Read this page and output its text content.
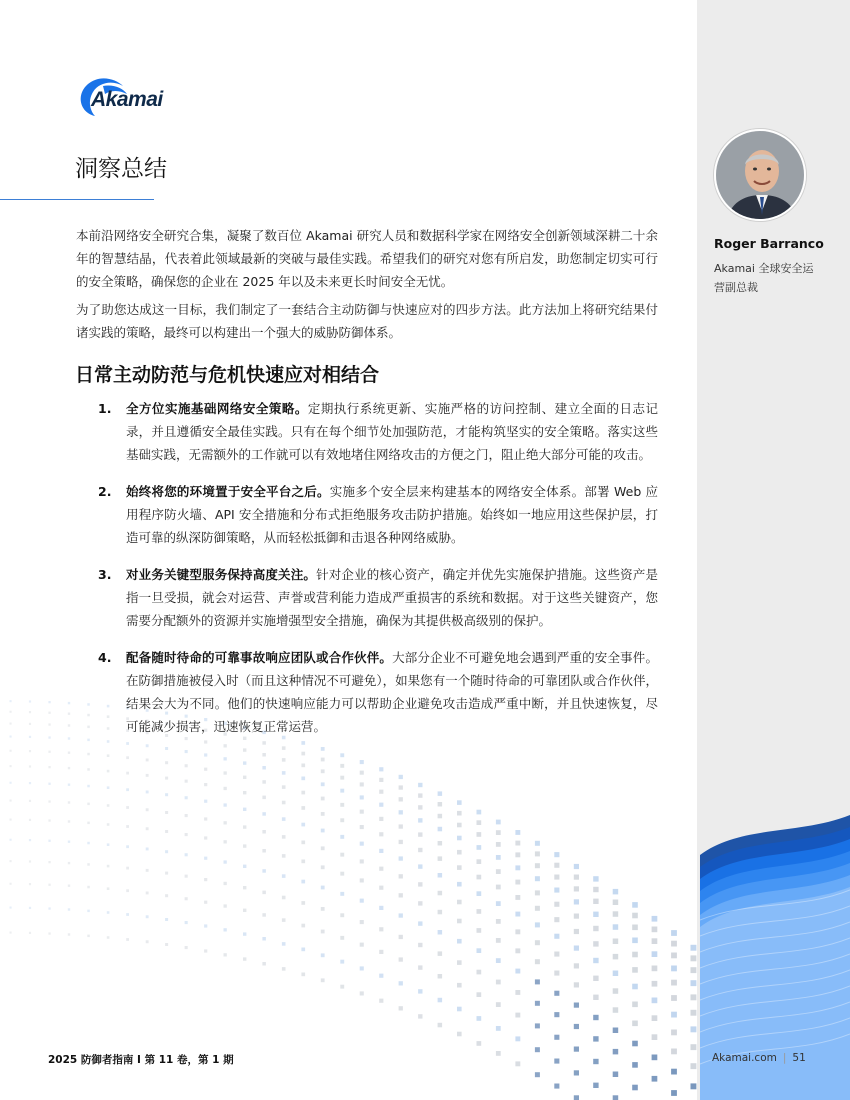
Akamai
洞察总结

本前沿网络安全研究合集，凝聚了数百位 Akamai 研究人员和数据科学家在网络安全创新领域深耕二十余年的智慧结晶，代表着此领域最新的突破与最佳实践。希望我们的研究对您有所启发，助您制定切实可行的安全策略，确保您的企业在 2025 年以及未来更长时间安全无忧。

为了助您达成这一目标，我们制定了一套结合主动防御与快速应对的四步方法。此方法加上将研究结果付诸实践的策略，最终可以构建出一个强大的威胁防御体系。

日常主动防范与危机快速应对相结合
1.	全方位实施基础网络安全策略。定期执行系统更新、实施严格的访问控制、建立全面的日志记录，并且遵循安全最佳实践。只有在每个细节处加强防范，才能构筑坚实的安全策略。落实这些基础实践，无需额外的工作就可以有效地堵住网络攻击的方便之门，阻止绝大部分可能的攻击。
2.	始终将您的环境置于安全平台之后。实施多个安全层来构建基本的网络安全体系。部署 Web 应用程序防火墙、API 安全措施和分布式拒绝服务攻击防护措施。始终如一地应用这些保护层，打造可靠的纵深防御策略，从而轻松抵御和击退各种网络威胁。
3.	对业务关键型服务保持高度关注。针对企业的核心资产，确定并优先实施保护措施。这些资产是指一旦受损，就会对运营、声誉或营利能力造成严重损害的系统和数据。对于这些关键资产，您需要分配额外的资源并实施增强型安全措施，确保为其提供极高级别的保护。
4.	配备随时待命的可靠事故响应团队或合作伙伴。大部分企业不可避免地会遇到严重的安全事件。在防御措施被侵入时（而且这种情况不可避免），如果您有一个随时待命的可靠团队或合作伙伴，结果会大为不同。他们的快速响应能力可以帮助企业避免攻击造成严重中断，并且快速恢复，尽可能减少损害，迅速恢复正常运营。
Roger Barranco
Akamai 全球安全运营副总裁
2025 防御者指南 I 第 11 卷，第 1 期	Akamai.com | 51
